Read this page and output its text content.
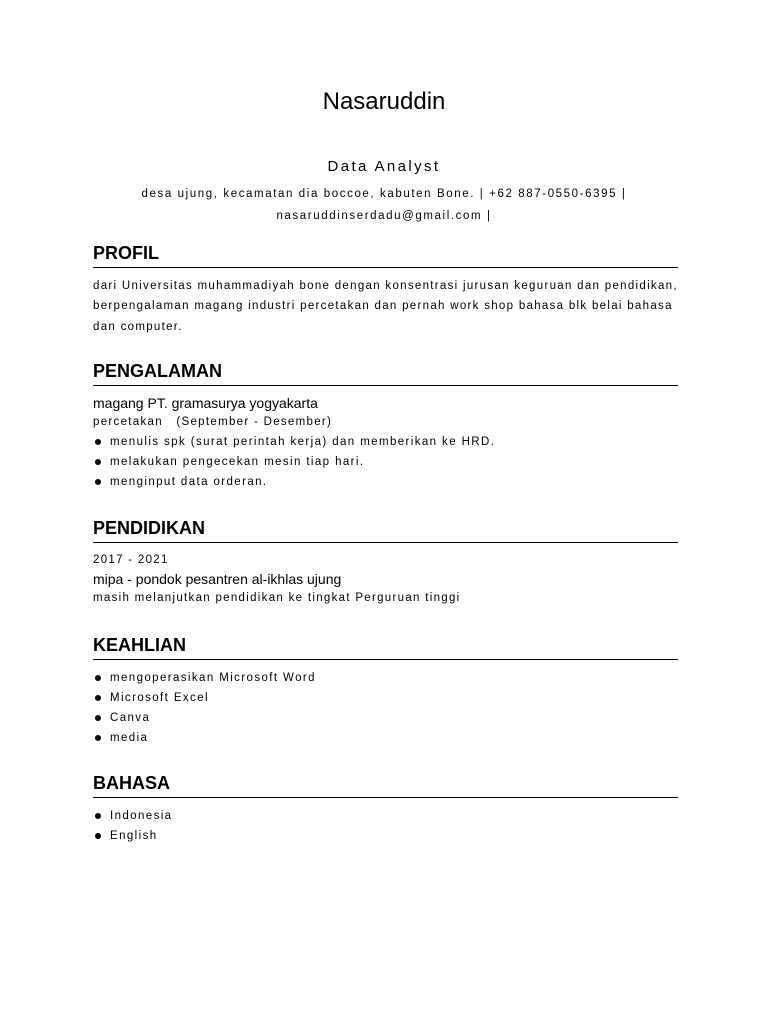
Nasaruddin

Data Analyst

desa ujung, kecamatan dia boccoe, kabuten Bone. | +62 887-0550-6395 |
nasaruddinserdadu@gmail.com |
PROFIL

dari Universitas muhammadiyah bone dengan konsentrasi jurusan keguruan dan pendidikan, berpengalaman magang industri percetakan dan pernah work shop bahasa blk belai bahasa dan computer.

PENGALAMAN

magang PT. gramasurya yogyakarta

percetakan   (September - Desember)

menulis spk (surat perintah kerja) dan memberikan ke HRD.
melakukan pengecekan mesin tiap hari.
menginput data orderan.
PENDIDIKAN

2017 - 2021

mipa - pondok pesantren al-ikhlas ujung

masih melanjutkan pendidikan ke tingkat Perguruan tinggi

KEAHLIAN
mengoperasikan Microsoft Word
Microsoft Excel
Canva
media
BAHASA
Indonesia
English
